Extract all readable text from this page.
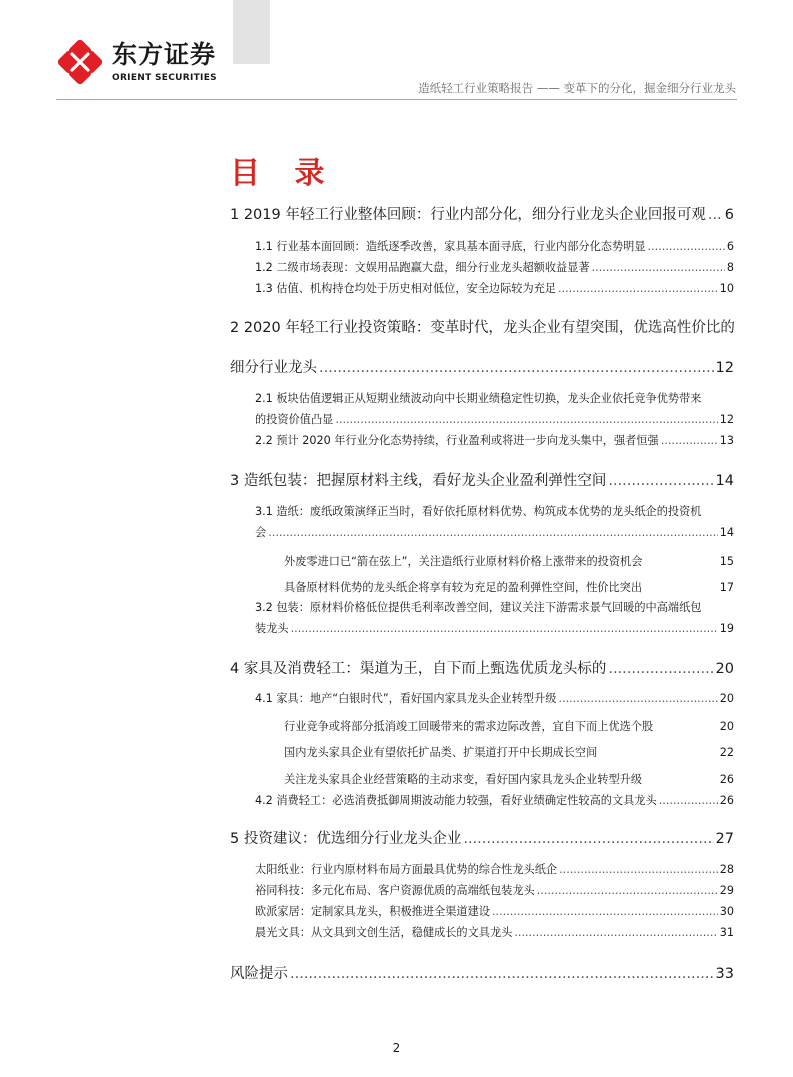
东方证券
ORIENT SECURITIES
造纸轻工行业策略报告 —— 变革下的分化，掘金细分行业龙头
目 录
1 2019 年轻工行业整体回顾：行业内部分化，细分行业龙头企业回报可观 ..... 6
1.1 行业基本面回顾：造纸逐季改善，家具基本面寻底，行业内部分化态势明显 .....	6
1.2 二级市场表现：文娱用品跑赢大盘，细分行业龙头超额收益显著 .....	8
1.3 估值、机构持仓均处于历史相对低位，安全边际较为充足 .....	10
2 2020 年轻工行业投资策略：变革时代，龙头企业有望突围，优选高性价比的
细分行业龙头 .....	12
2.1 板块估值逻辑正从短期业绩波动向中长期业绩稳定性切换，龙头企业依托竞争优势带来
的投资价值凸显 .....	12
2.2 预计 2020 年行业分化态势持续，行业盈利或将进一步向龙头集中，强者恒强 .....	13
3 造纸包装：把握原材料主线，看好龙头企业盈利弹性空间 .....	14
3.1 造纸：废纸政策演绎正当时，看好依托原材料优势、构筑成本优势的龙头纸企的投资机
会 .....	14
外废零进口已“箭在弦上”，关注造纸行业原材料价格上涨带来的投资机会	15
具备原材料优势的龙头纸企将享有较为充足的盈利弹性空间，性价比突出	17
3.2 包装：原材料价格低位提供毛利率改善空间，建议关注下游需求景气回暖的中高端纸包
装龙头 .....	19
4 家具及消费轻工：渠道为王，自下而上甄选优质龙头标的 .....	20
4.1 家具：地产“白银时代”，看好国内家具龙头企业转型升级 .....	20
行业竞争或将部分抵消竣工回暖带来的需求边际改善，宜自下而上优选个股	20
国内龙头家具企业有望依托扩品类、扩渠道打开中长期成长空间	22
关注龙头家具企业经营策略的主动求变，看好国内家具龙头企业转型升级	26
4.2 消费轻工：必选消费抵御周期波动能力较强，看好业绩确定性较高的文具龙头 .....	26
5 投资建议：优选细分行业龙头企业 .....	27
太阳纸业：行业内原材料布局方面最具优势的综合性龙头纸企 .....	28
裕同科技：多元化布局、客户资源优质的高端纸包装龙头 .....	29
欧派家居：定制家具龙头，积极推进全渠道建设 .....	30
晨光文具：从文具到文创生活，稳健成长的文具龙头 .....	31
风险提示 .....	33
2
